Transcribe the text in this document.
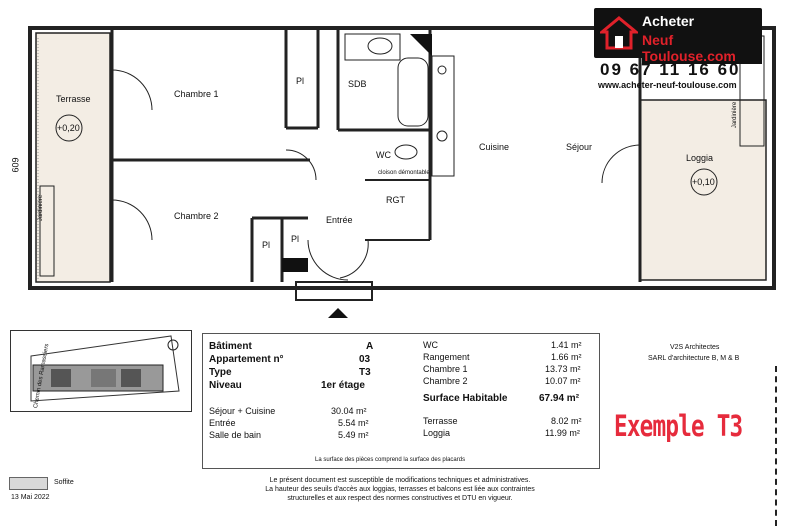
609
Terrasse
+0,20
Jardinière
Jardinière
Chambre 1
Chambre 2
Pl
Pl
Pl
SDB
WC
cloison démontable
RGT
Entrée
Cuisine	Séjour
Loggia
+0,10
Acheter
Neuf Toulouse.com
09 67 11 16 60
www.acheter-neuf-toulouse.com
Chemin des Ramassiers	Bâtiment	A
Appartement n°	03
Type	T3
Niveau	1er étage
Séjour + Cuisine	30.04 m²
Entrée	5.54 m²
Salle de bain	5.49 m²
WC	1.41 m²
Rangement	1.66 m²
Chambre 1	13.73 m²
Chambre 2	10.07 m²
Surface Habitable	67.94 m²
Terrasse	8.02 m²
Loggia	11.99 m²
La surface des pièces comprend la surface des placards
V2S Architectes
SARL d'architecture B, M & B
Exemple T3
Soffite
13 Mai 2022
Le présent document est susceptible de modifications techniques et administratives.
La hauteur des seuils d'accès aux loggias, terrasses et balcons est liée aux contraintes
structurelles et aux respect des normes constructives et DTU en vigueur.
